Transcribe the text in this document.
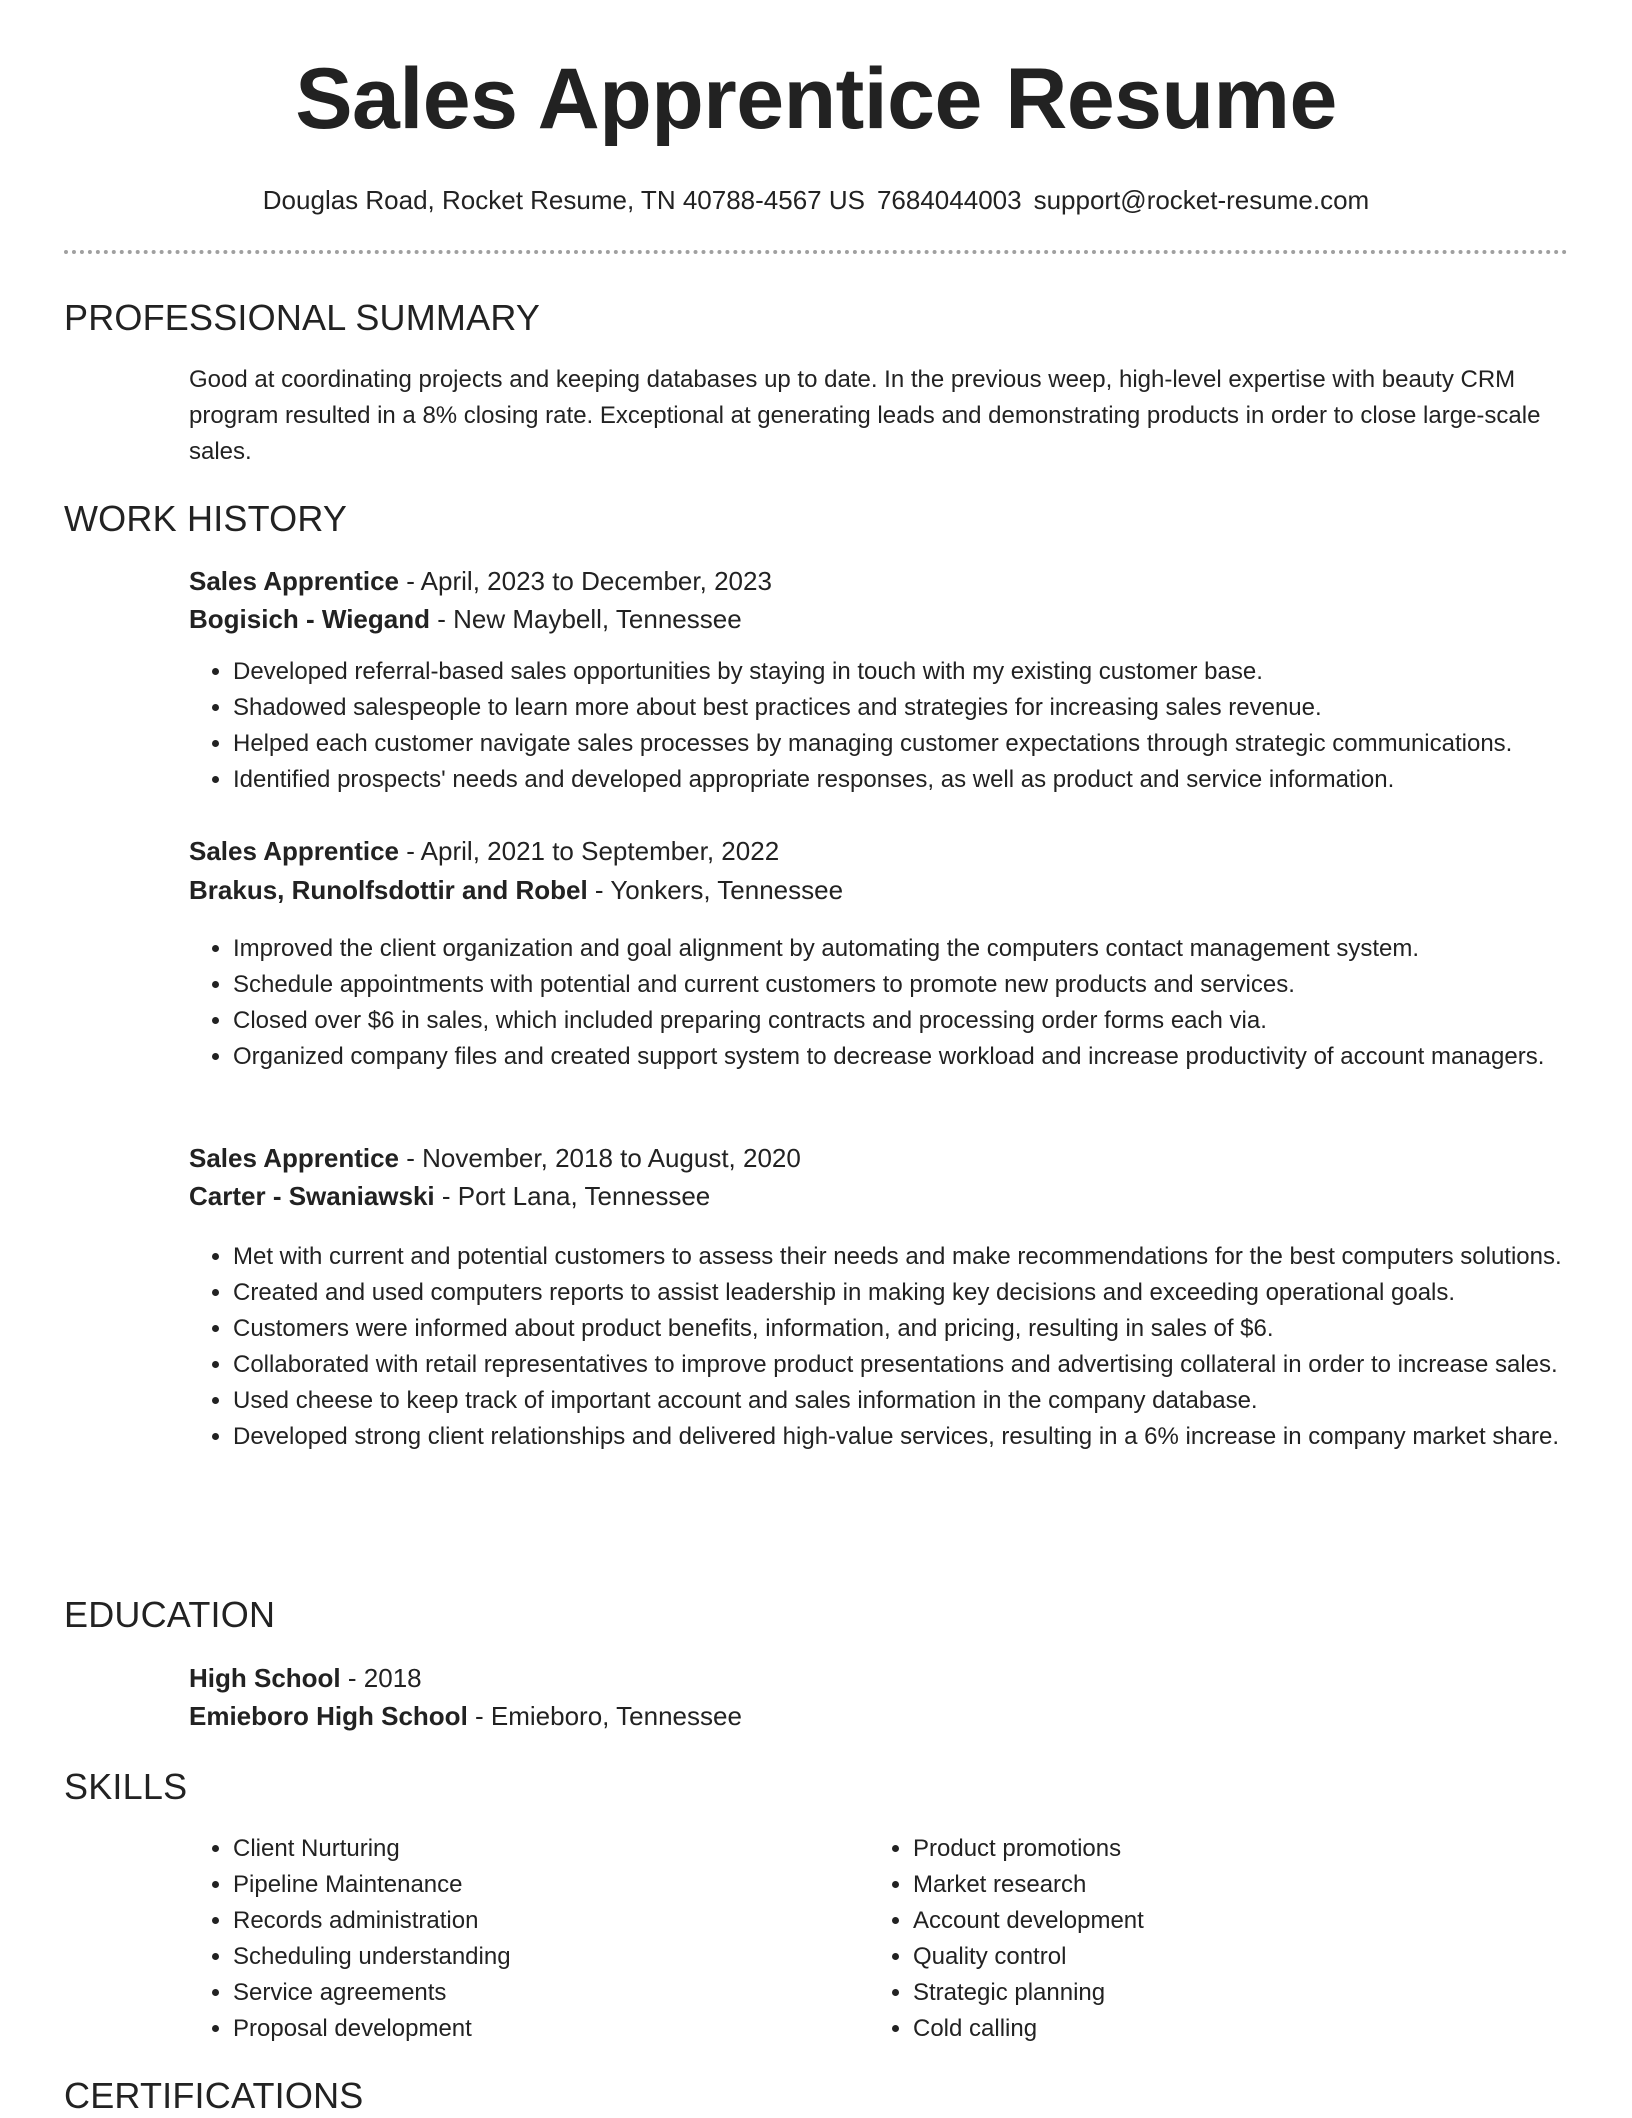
Sales Apprentice Resume
Douglas Road, Rocket Resume, TN 40788-4567 US 7684044003 support@rocket-resume.com
PROFESSIONAL SUMMARY
Good at coordinating projects and keeping databases up to date. In the previous weep, high-level expertise with beauty CRM program resulted in a 8% closing rate. Exceptional at generating leads and demonstrating products in order to close large-scale sales.
WORK HISTORY
Sales Apprentice - April, 2023 to December, 2023
Bogisich - Wiegand - New Maybell, Tennessee
• Developed referral-based sales opportunities by staying in touch with my existing customer base.
• Shadowed salespeople to learn more about best practices and strategies for increasing sales revenue.
• Helped each customer navigate sales processes by managing customer expectations through strategic communications.
• Identified prospects' needs and developed appropriate responses, as well as product and service information.
Sales Apprentice - April, 2021 to September, 2022
Brakus, Runolfsdottir and Robel - Yonkers, Tennessee
• Improved the client organization and goal alignment by automating the computers contact management system.
• Schedule appointments with potential and current customers to promote new products and services.
• Closed over $6 in sales, which included preparing contracts and processing order forms each via.
• Organized company files and created support system to decrease workload and increase productivity of account managers.
Sales Apprentice - November, 2018 to August, 2020
Carter - Swaniawski - Port Lana, Tennessee
• Met with current and potential customers to assess their needs and make recommendations for the best computers solutions.
• Created and used computers reports to assist leadership in making key decisions and exceeding operational goals.
• Customers were informed about product benefits, information, and pricing, resulting in sales of $6.
• Collaborated with retail representatives to improve product presentations and advertising collateral in order to increase sales.
• Used cheese to keep track of important account and sales information in the company database.
• Developed strong client relationships and delivered high-value services, resulting in a 6% increase in company market share.
EDUCATION
High School - 2018
Emieboro High School - Emieboro, Tennessee
SKILLS
• Client Nurturing
• Pipeline Maintenance
• Records administration
• Scheduling understanding
• Service agreements
• Proposal development
• Product promotions
• Market research
• Account development
• Quality control
• Strategic planning
• Cold calling
CERTIFICATIONS
